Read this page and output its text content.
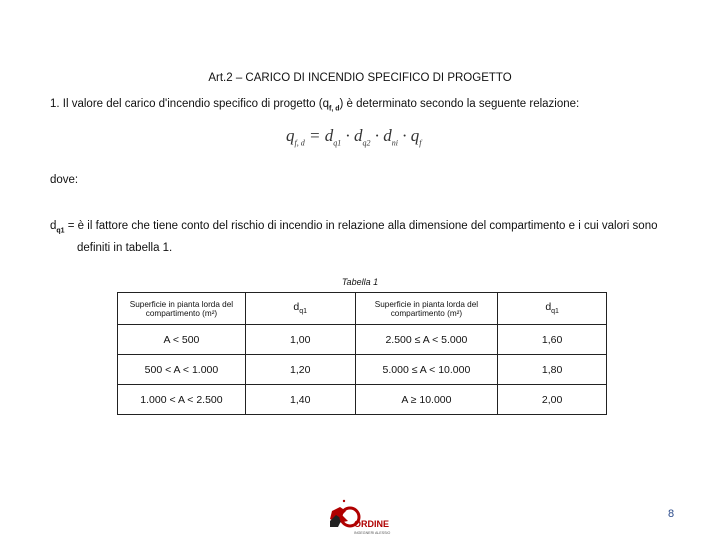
Art.2 – CARICO DI INCENDIO SPECIFICO DI PROGETTO
1. Il valore del carico d'incendio specifico di progetto $(q_{f, d})$ è determinato secondo la seguente relazione:
$q_{f, d} = d_{q1} \cdot d_{q2} \cdot d_{ni} \cdot q_f$
dove:
$d_{q1}$ = è il fattore che tiene conto del rischio di incendio in relazione alla dimensione del compartimento e i cui valori sono
definiti in tabella 1.
Tabella 1
Superficie in pianta lorda del compartimento (m²)	$d_{q1}$	Superficie in pianta lorda del compartimento (m²)	$d_{q1}$
A < 500	1,00	2.500 ≤ A < 5.000	1,60
500 < A < 1.000	1,20	5.000 ≤ A < 10.000	1,80
1.000 < A < 2.500	1,40	A ≥ 10.000	2,00
ORDINE
INGEGNERI ALESSIO
8
